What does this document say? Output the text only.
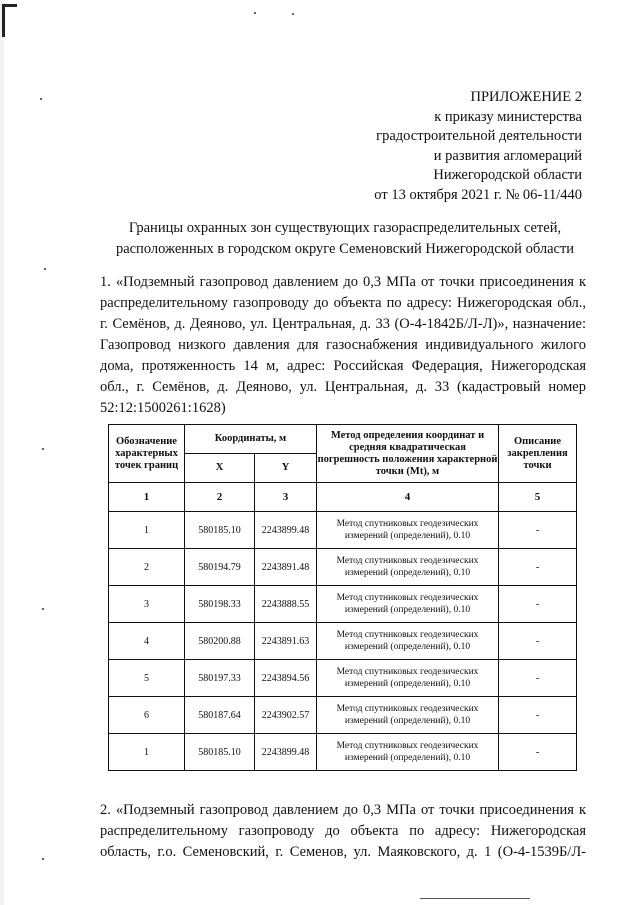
ПРИЛОЖЕНИЕ 2
к приказу министерства
градостроительной деятельности
и развития агломераций
Нижегородской области
от 13 октября 2021 г. № 06-11/440
Границы охранных зон существующих газораспределительных сетей,
расположенных в городском округе Семеновский Нижегородской области
1. «Подземный газопровод давлением до 0,3 МПа от точки присоединения к
распределительному газопроводу до объекта по адресу: Нижегородская обл.,
г. Семёнов, д. Деяново, ул. Центральная, д. 33 (О-4-1842Б/Л-Л)», назначение:
Газопровод низкого давления для газоснабжения индивидуального жилого
дома, протяженность 14 м, адрес: Российская Федерация, Нижегородская
обл., г. Семёнов, д. Деяново, ул. Центральная, д. 33 (кадастровый номер
52:12:1500261:1628)
Обозначение характерных точек границ	Координаты, м		Метод определения координат и средняя квадратическая погрешность положения характерной точки (Mt), м	Описание закрепления точки
	X	Y		
1	2	3	4	5
1	580185.10	2243899.48	Метод спутниковых геодезических измерений (определений), 0.10	-
2	580194.79	2243891.48	Метод спутниковых геодезических измерений (определений), 0.10	-
3	580198.33	2243888.55	Метод спутниковых геодезических измерений (определений), 0.10	-
4	580200.88	2243891.63	Метод спутниковых геодезических измерений (определений), 0.10	-
5	580197.33	2243894.56	Метод спутниковых геодезических измерений (определений), 0.10	-
6	580187.64	2243902.57	Метод спутниковых геодезических измерений (определений), 0.10	-
1	580185.10	2243899.48	Метод спутниковых геодезических измерений (определений), 0.10	-
2. «Подземный газопровод давлением до 0,3 МПа от точки присоединения к
распределительному газопроводу до объекта по адресу: Нижегородская
область, г.о. Семеновский, г. Семенов, ул. Маяковского, д. 1 (О-4-1539Б/Л-
